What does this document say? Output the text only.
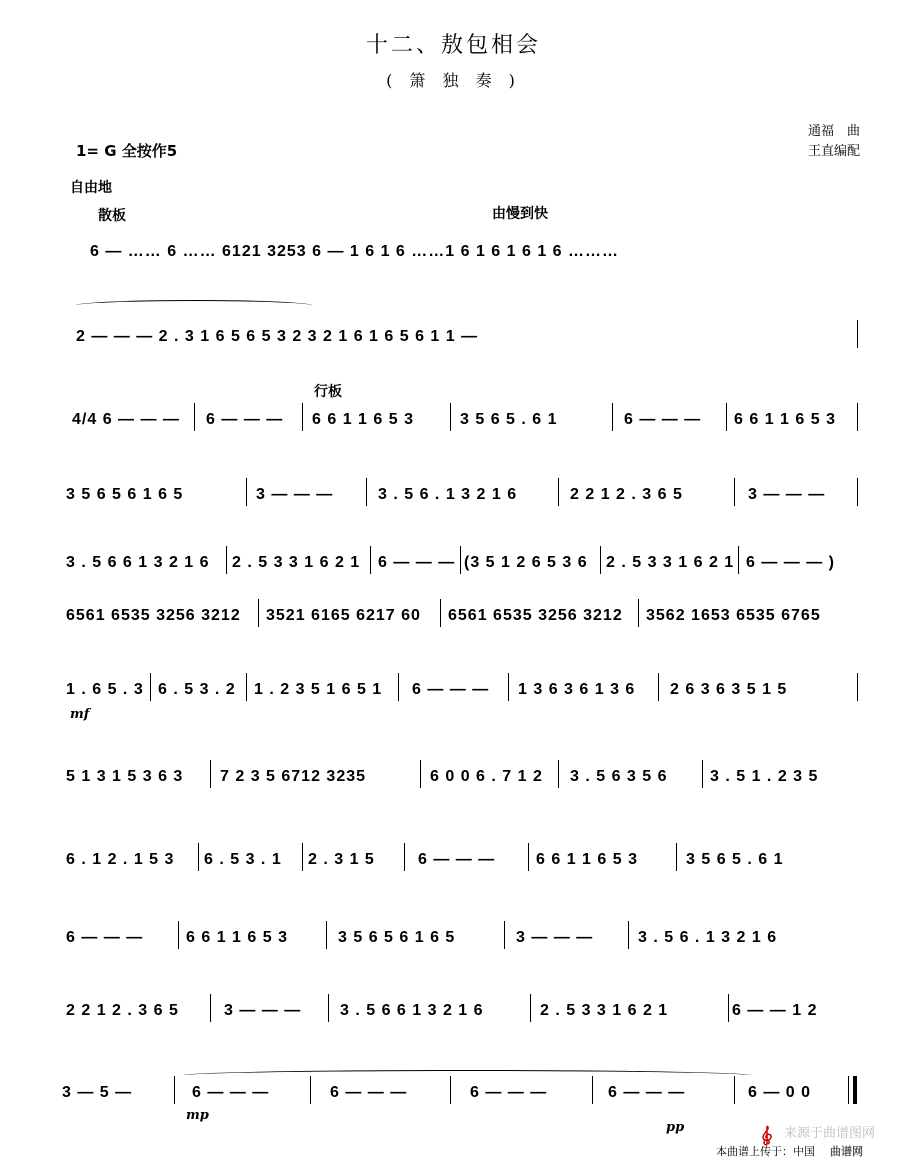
十二、敖包相会
( 箫 独 奏 )
通福　曲
王直编配
1= G 全按作5
自由地
散板	由慢到快
行板
6 — …… 6 …… 6121 3253 6 — 1 6 1 6 ……1 6 1 6 1 6 1 6 ………
2 — — — 2 . 3 1 6 5 6 5 3 2 3 2 1 6 1 6 5 6 1 1 —
4/4 6 — — —	6 — — —	6 6 1 1 6 5 3	3 5 6 5 . 6 1	6 — — —	6 6 1 1 6 5 3
3 5 6 5 6 1 6 5	3 — — —	3 . 5 6 . 1 3 2 1 6	2 2 1 2 . 3 6 5	3 — — —
3 . 5 6 6 1 3 2 1 6	2 . 5 3 3 1 6 2 1	6 — — — (3 5 1 2 6 5 3 6	2 . 5 3 3 1 6 2 1 6 — — — )
6561 6535 3256 3212	3521 6165 6217 60	6561 6535 3256 3212	3562 1653 6535 6765
1 . 6 5 . 3 6 . 5 3 . 2	1 . 2 3 5 1 6 5 1	6 — — —	1 3 6 3 6 1 3 6	2 6 3 6 3 5 1 5
mf
5 1 3 1 5 3 6 3	7 2 3 5 6712 3235	6 0 0 6 . 7 1 2	3 . 5 6 3 5 6	3 . 5 1 . 2 3 5
6 . 1 2 . 1 5 3	6 . 5 3 . 1	2 . 3 1 5	6 — — —	6 6 1 1 6 5 3	3 5 6 5 . 6 1
6 — — —	6 6 1 1 6 5 3	3 5 6 5 6 1 6 5	3 — — —	3 . 5 6 . 1 3 2 1 6
2 2 1 2 . 3 6 5	3 — — —	3 . 5 6 6 1 3 2 1 6	2 . 5 3 3 1 6 2 1	6 — — 1 2
3 — 5 —	6 — — —	6 — — —	6 — — —	6 — — —	6 — 0 0
mp
pp
本曲谱上传于：中国
来源于曲谱图网
曲谱网
